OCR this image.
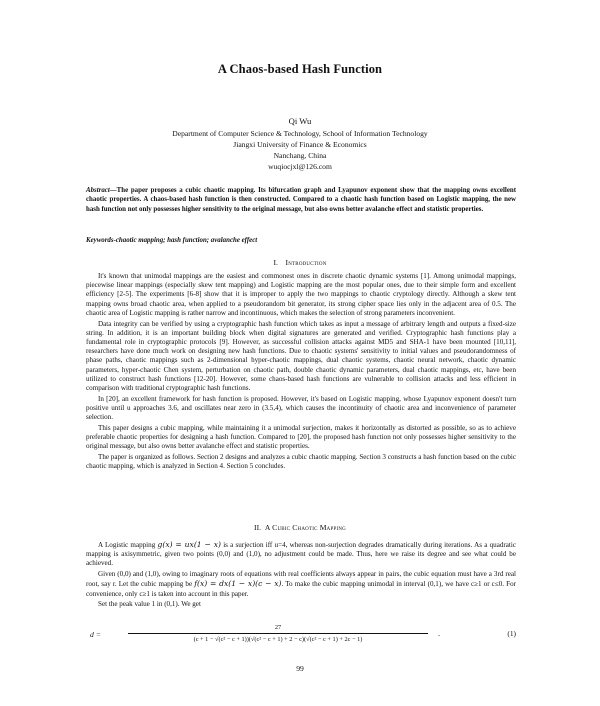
A Chaos-based Hash Function
Qi Wu
Department of Computer Science & Technology, School of Information Technology
Jiangxi University of Finance & Economics
Nanchang, China
wuqiocjxl@126.com
Abstract—The paper proposes a cubic chaotic mapping. Its bifurcation graph and Lyapunov exponent show that the mapping owns excellent chaotic properties. A chaos-based hash function is then constructed. Compared to a chaotic hash function based on Logistic mapping, the new hash function not only possesses higher sensitivity to the original message, but also owns better avalanche effect and statistic properties.
Keywords-chaotic mapping; hash function; avalanche effect
I. Introduction

It's known that unimodal mappings are the easiest and commonest ones in discrete chaotic dynamic systems [1]. Among unimodal mappings, piecewise linear mappings (especially skew tent mapping) and Logistic mapping are the most popular ones, due to their simple form and excellent efficiency [2-5]. The experiments [6-8] show that it is improper to apply the two mappings to chaotic cryptology directly. Although a skew tent mapping owns broad chaotic area, when applied to a pseudorandom bit generator, its strong cipher space lies only in the adjacent area of 0.5. The chaotic area of Logistic mapping is rather narrow and incontinuous, which makes the selection of strong parameters inconvenient.

Data integrity can be verified by using a cryptographic hash function which takes as input a message of arbitrary length and outputs a fixed-size string. In addition, it is an important building block when digital signatures are generated and verified. Cryptographic hash functions play a fundamental role in cryptographic protocols [9]. However, as successful collision attacks against MD5 and SHA-1 have been mounted [10,11], researchers have done much work on designing new hash functions. Due to chaotic systems' sensitivity to initial values and pseudorandomness of phase paths, chaotic mappings such as 2-dimensional hyper-chaotic mappings, dual chaotic systems, chaotic neural network, chaotic dynamic parameters, hyper-chaotic Chen system, perturbation on chaotic path, double chaotic dynamic parameters, dual chaotic mappings, etc, have been utilized to construct hash functions [12-20]. However, some chaos-based hash functions are vulnerable to collision attacks and less efficient in comparison with traditional cryptographic hash functions.

In [20], an excellent framework for hash function is proposed. However, it's based on Logistic mapping, whose Lyapunov exponent doesn't turn positive until u approaches 3.6, and oscillates near zero in (3.5,4), which causes the incontinuity of chaotic area and inconvenience of parameter selection.

This paper designs a cubic mapping, while maintaining it a unimodal surjection, makes it horizontally as distorted as possible, so as to achieve preferable chaotic properties for designing a hash function. Compared to [20], the proposed hash function not only possesses higher sensitivity to the original message, but also owns better avalanche effect and statistic properties.

The paper is organized as follows. Section 2 designs and analyzes a cubic chaotic mapping. Section 3 constructs a hash function based on the cubic chaotic mapping, which is analyzed in Section 4. Section 5 concludes.

II. A Cubic Chaotic Mapping

A Logistic mapping g(x) = ux(1 − x) is a surjection iff u=4, whereas non-surjection degrades dramatically during iterations. As a quadratic mapping is axisymmetric, given two points (0,0) and (1,0), no adjustment could be made. Thus, here we raise its degree and see what could be achieved.

Given (0,0) and (1,0), owing to imaginary roots of equations with real coefficients always appear in pairs, the cubic equation must have a 3rd real root, say r. Let the cubic mapping be f(x) = dx(1 − x)(c − x). To make the cubic mapping unimodal in interval (0,1), we have c≥1 or c≤0. For convenience, only c≥1 is taken into account in this paper.

Set the peak value 1 in (0,1). We get

d =
27
(c + 1 − √(c² − c + 1))(√(c² − c + 1) + 2 − c)(√(c² − c + 1) + 2c − 1)
.	(1)
99
